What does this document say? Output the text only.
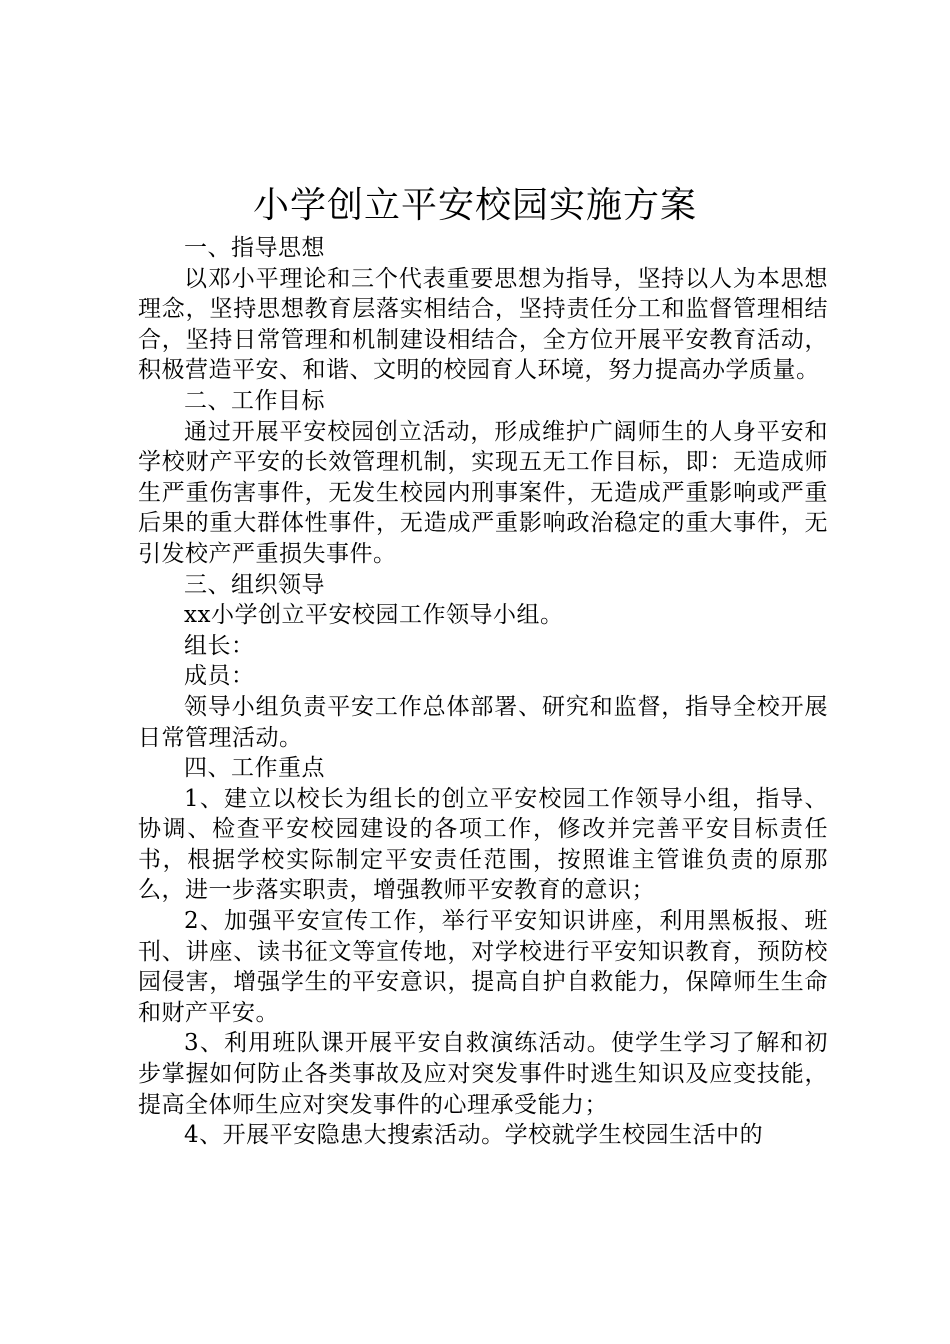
小学创立平安校园实施方案

一、指导思想

以邓小平理论和三个代表重要思想为指导，坚持以人为本思想理念，坚持思想教育层落实相结合，坚持责任分工和监督管理相结合，坚持日常管理和机制建设相结合，全方位开展平安教育活动，积极营造平安、和谐、文明的校园育人环境，努力提高办学质量。

二、工作目标

通过开展平安校园创立活动，形成维护广阔师生的人身平安和学校财产平安的长效管理机制，实现五无工作目标，即：无造成师生严重伤害事件，无发生校园内刑事案件，无造成严重影响或严重后果的重大群体性事件，无造成严重影响政治稳定的重大事件，无引发校产严重损失事件。

三、组织领导

xx小学创立平安校园工作领导小组。

组长：

成员：

领导小组负责平安工作总体部署、研究和监督，指导全校开展日常管理活动。

四、工作重点

1、建立以校长为组长的创立平安校园工作领导小组，指导、协调、检查平安校园建设的各项工作，修改并完善平安目标责任书，根据学校实际制定平安责任范围，按照谁主管谁负责的原那么，进一步落实职责，增强教师平安教育的意识；

2、加强平安宣传工作，举行平安知识讲座，利用黑板报、班刊、讲座、读书征文等宣传地，对学校进行平安知识教育，预防校园侵害，增强学生的平安意识，提高自护自救能力，保障师生生命和财产平安。

3、利用班队课开展平安自救演练活动。使学生学习了解和初步掌握如何防止各类事故及应对突发事件时逃生知识及应变技能，提高全体师生应对突发事件的心理承受能力；

4、开展平安隐患大搜索活动。学校就学生校园生活中的
